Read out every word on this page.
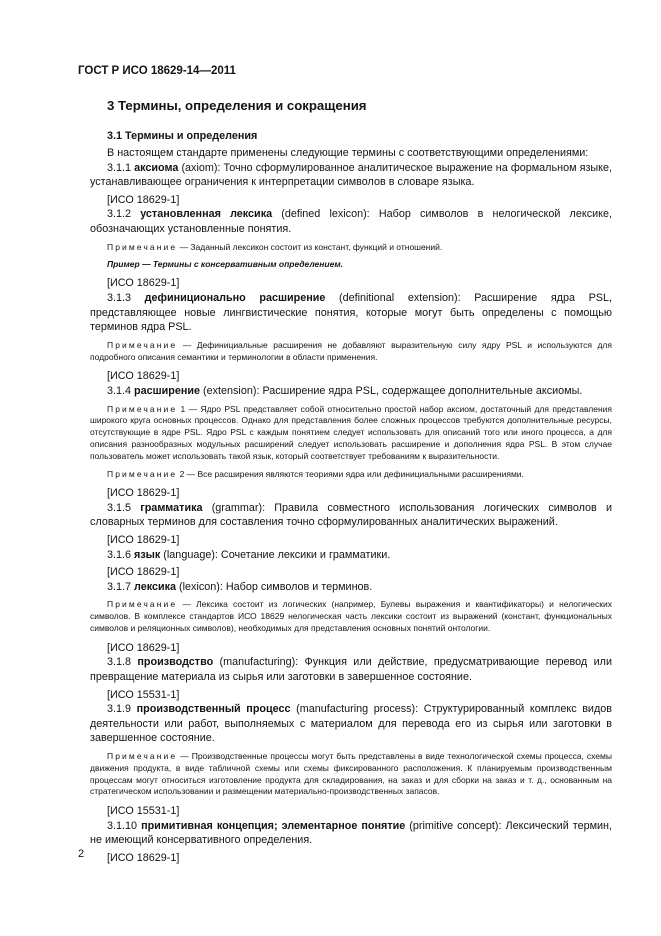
ГОСТ Р ИСО 18629-14—2011
3 Термины, определения и сокращения
3.1 Термины и определения

В настоящем стандарте применены следующие термины с соответствующими определениями:

3.1.1 аксиома (axiom): Точно сформулированное аналитическое выражение на формальном языке, устанавливающее ограничения к интерпретации символов в словаре языка.

[ИСО 18629-1]

3.1.2 установленная лексика (defined lexicon): Набор символов в нелогической лексике, обозначающих установленные понятия.

Примечание — Заданный лексикон состоит из констант, функций и отношений.
Пример — Термины с консервативным определением.
[ИСО 18629-1]

3.1.3 дефиниционально расширение (definitional extension): Расширение ядра PSL, представляющее новые лингвистические понятия, которые могут быть определены с помощью терминов ядра PSL.

Примечание — Дефинициальные расширения не добавляют выразительную силу ядру PSL и используются для подробного описания семантики и терминологии в области применения.
[ИСО 18629-1]

3.1.4 расширение (extension): Расширение ядра PSL, содержащее дополнительные аксиомы.

Примечание 1 — Ядро PSL представляет собой относительно простой набор аксиом, достаточный для представления широкого круга основных процессов. Однако для представления более сложных процессов требуются дополнительные ресурсы, отсутствующие в ядре PSL. Ядро PSL с каждым понятием следует использовать для описаний того или иного процесса, а для описания разнообразных модульных расширений следует использовать расширение и дополнения ядра PSL. В этом случае пользователь может использовать такой язык, который соответствует требованиям к выразительности.
Примечание 2 — Все расширения являются теориями ядра или дефинициальными расширениями.
[ИСО 18629-1]

3.1.5 грамматика (grammar): Правила совместного использования логических символов и словарных терминов для составления точно сформулированных аналитических выражений.

[ИСО 18629-1]

3.1.6 язык (language): Сочетание лексики и грамматики.

[ИСО 18629-1]

3.1.7 лексика (lexicon): Набор символов и терминов.

Примечание — Лексика состоит из логических (например, Булевы выражения и квантификаторы) и нелогических символов. В комплексе стандартов ИСО 18629 нелогическая часть лексики состоит из выражений (констант, функциональных символов и реляционных символов), необходимых для представления основных понятий онтологии.
[ИСО 18629-1]

3.1.8 производство (manufacturing): Функция или действие, предусматривающие перевод или превращение материала из сырья или заготовки в завершенное состояние.

[ИСО 15531-1]

3.1.9 производственный процесс (manufacturing process): Структурированный комплекс видов деятельности или работ, выполняемых с материалом для перевода его из сырья или заготовки в завершенное состояние.

Примечание — Производственные процессы могут быть представлены в виде технологической схемы процесса, схемы движения продукта, в виде табличной схемы или схемы фиксированного расположения. К планируемым производственным процессам могут относиться изготовление продукта для складирования, на заказ и для сборки на заказ и т. д., основанным на стратегическом использовании и размещении материально-производственных запасов.
[ИСО 15531-1]

3.1.10 примитивная концепция; элементарное понятие (primitive concept): Лексический термин, не имеющий консервативного определения.

[ИСО 18629-1]
2
